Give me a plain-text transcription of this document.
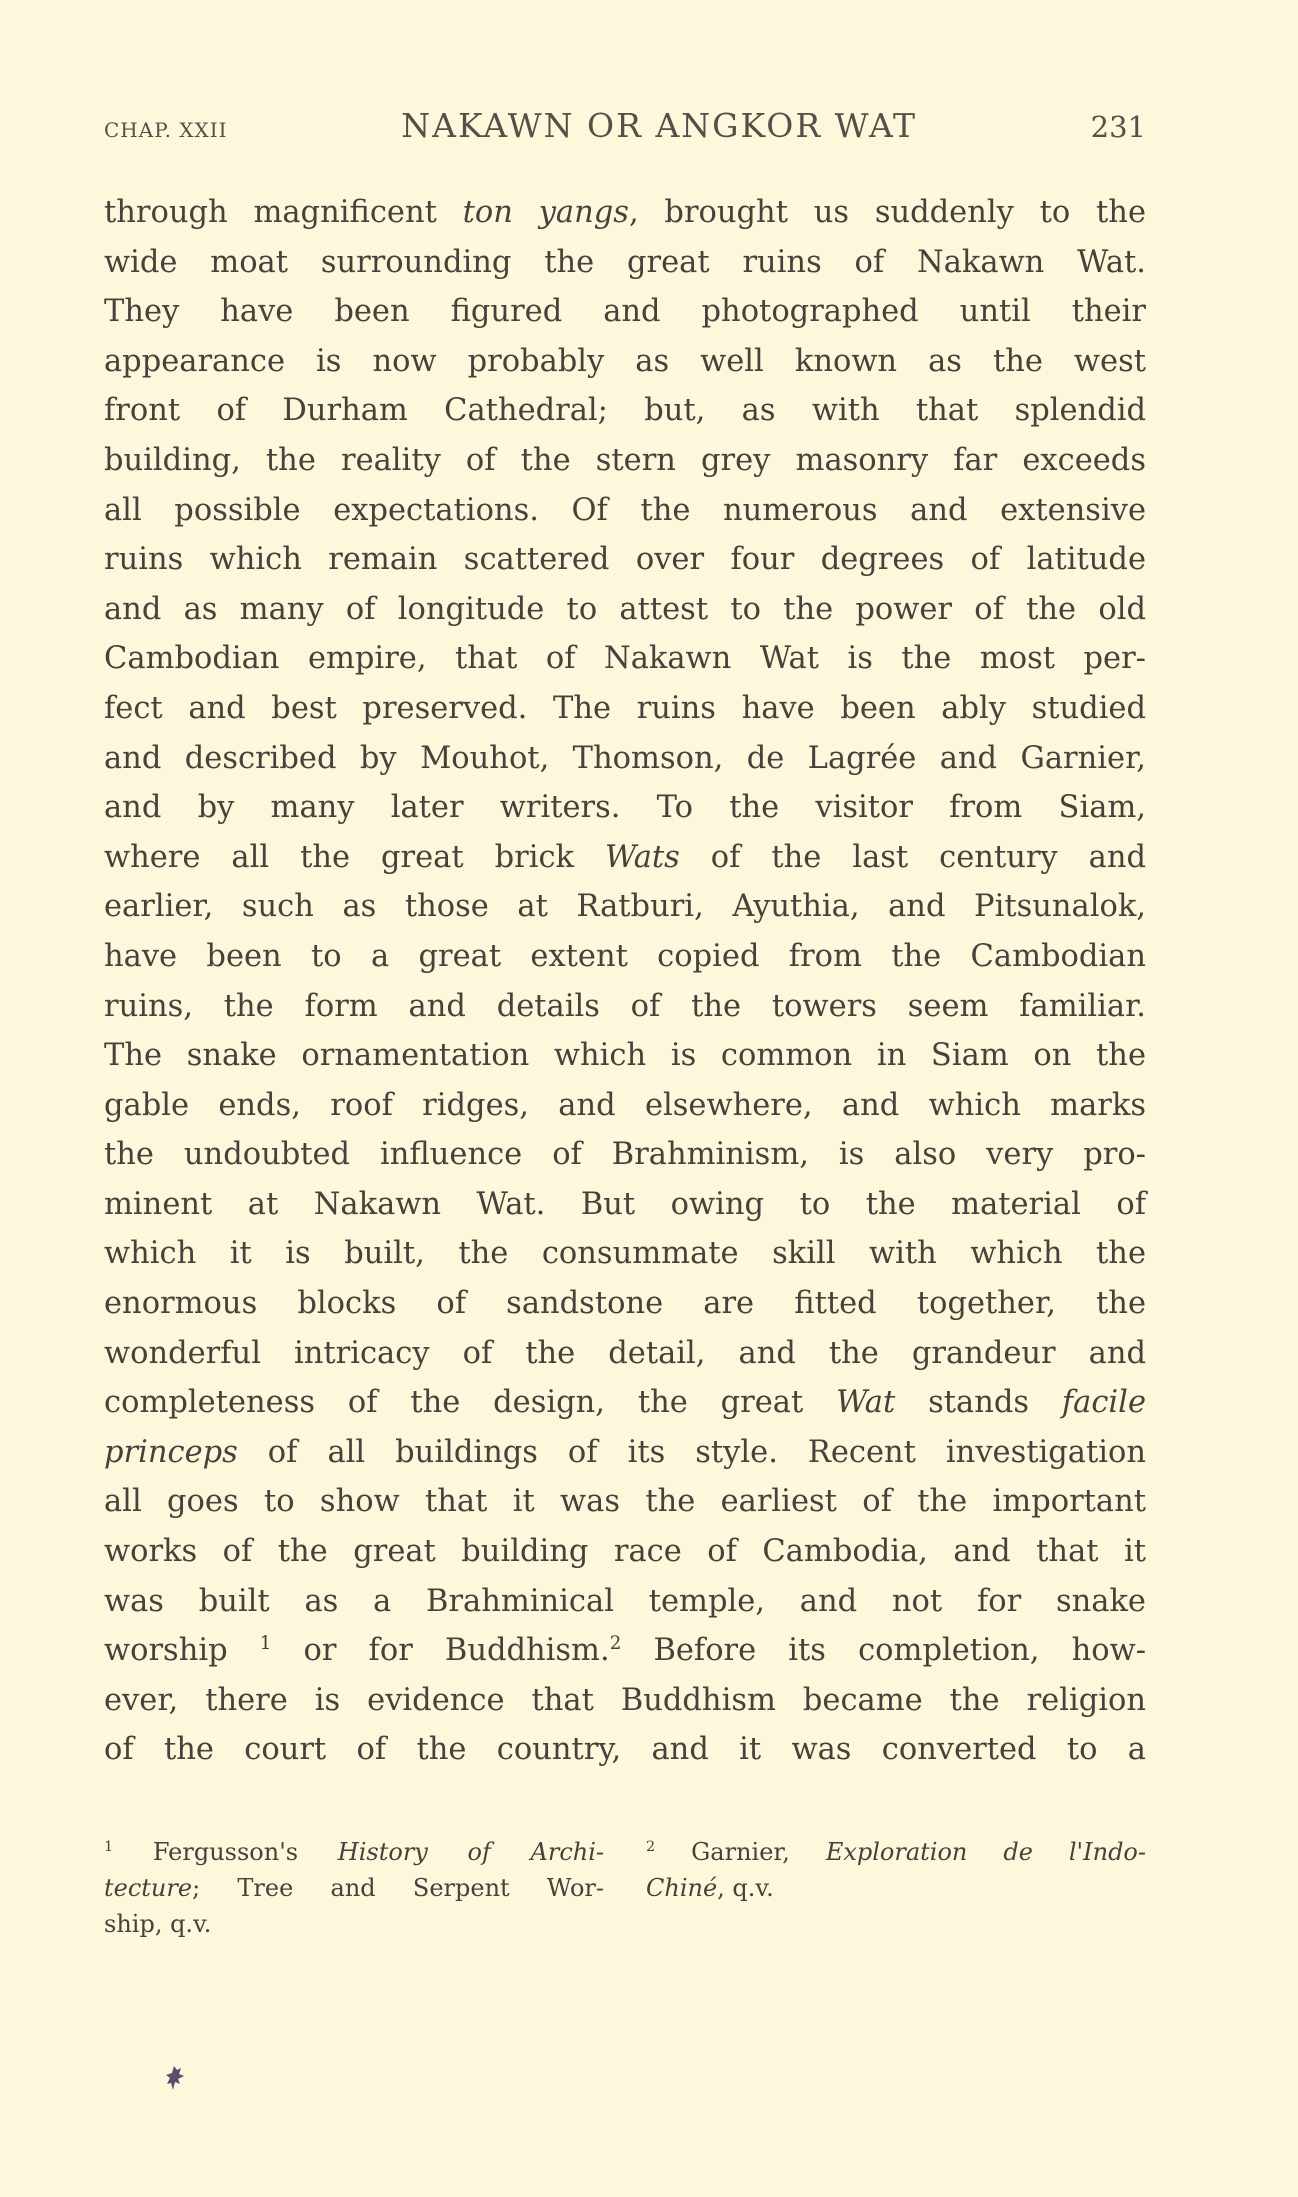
CHAP. XXII	NAKAWN OR ANGKOR WAT	231
through magnificent ton yangs, brought us suddenly to the
wide moat surrounding the great ruins of Nakawn Wat.
They have been figured and photographed until their
appearance is now probably as well known as the west
front of Durham Cathedral; but, as with that splendid
building, the reality of the stern grey masonry far exceeds
all possible expectations. Of the numerous and extensive
ruins which remain scattered over four degrees of latitude
and as many of longitude to attest to the power of the old
Cambodian empire, that of Nakawn Wat is the most per-
fect and best preserved. The ruins have been ably studied
and described by Mouhot, Thomson, de Lagrée and Garnier,
and by many later writers. To the visitor from Siam,
where all the great brick Wats of the last century and
earlier, such as those at Ratburi, Ayuthia, and Pitsunalok,
have been to a great extent copied from the Cambodian
ruins, the form and details of the towers seem familiar.
The snake ornamentation which is common in Siam on the
gable ends, roof ridges, and elsewhere, and which marks
the undoubted influence of Brahminism, is also very pro-
minent at Nakawn Wat. But owing to the material of
which it is built, the consummate skill with which the
enormous blocks of sandstone are fitted together, the
wonderful intricacy of the detail, and the grandeur and
completeness of the design, the great Wat stands facile
princeps of all buildings of its style. Recent investigation
all goes to show that it was the earliest of the important
works of the great building race of Cambodia, and that it
was built as a Brahminical temple, and not for snake
worship $^1$ or for Buddhism.$^2$ Before its completion, how-
ever, there is evidence that Buddhism became the religion
of the court of the country, and it was converted to a
$^1$ Fergusson's History of Archi-
tecture; Tree and Serpent Wor-
ship, q.v.
$^2$ Garnier, Exploration de l'Indo-
Chiné, q.v.
